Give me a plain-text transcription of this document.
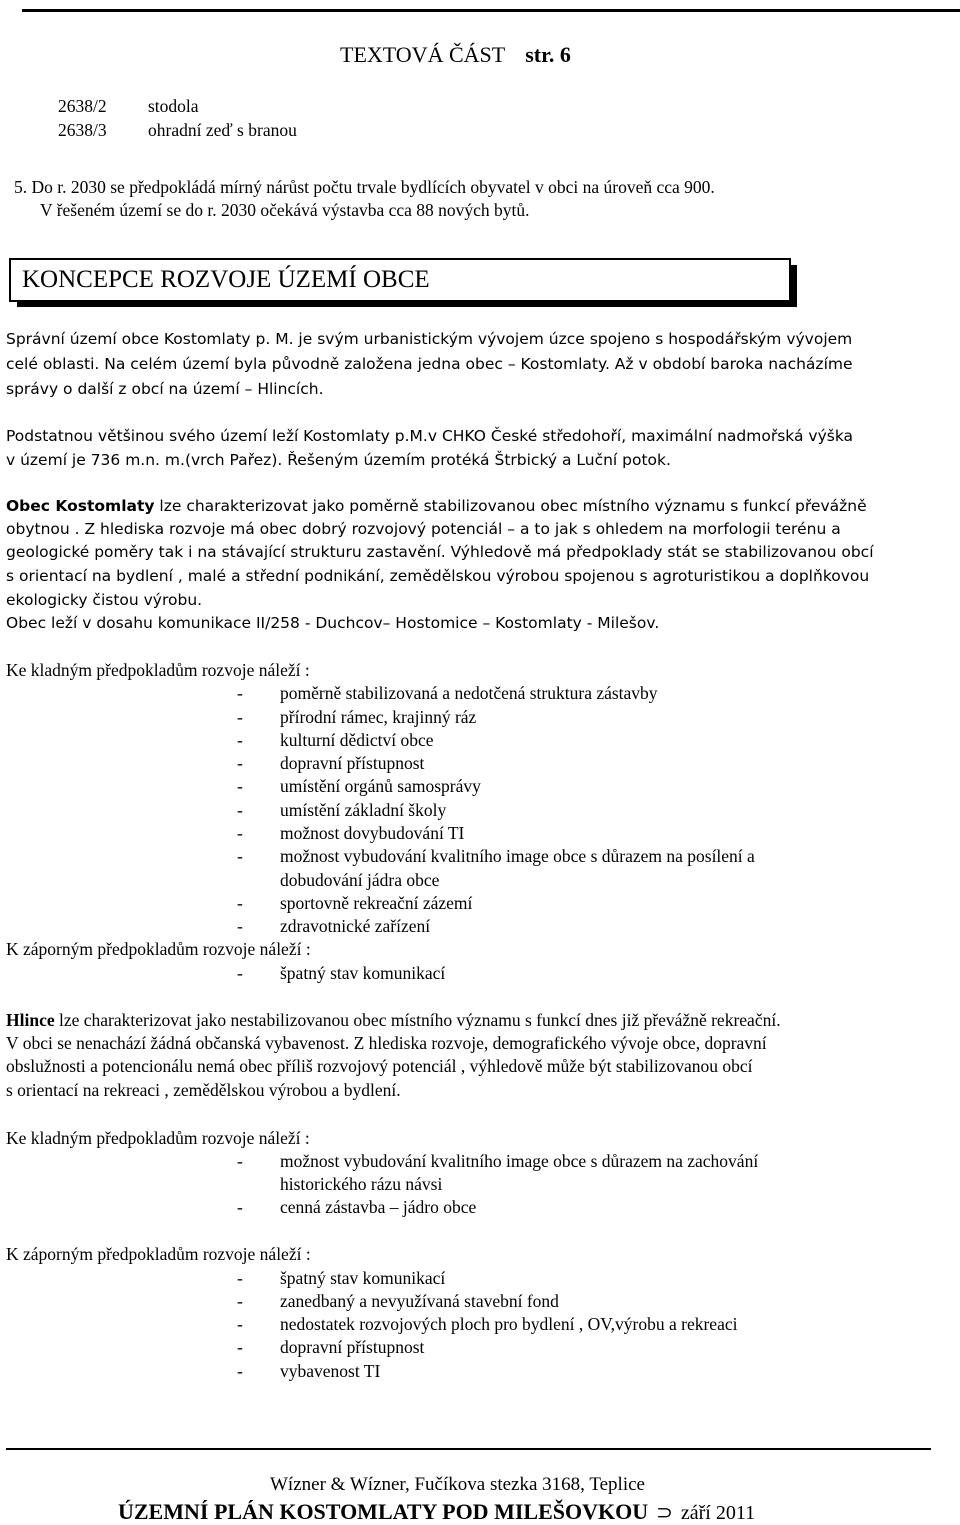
TEXTOVÁ ČÁST str. 6
2638/2 stodola
2638/3 ohradní zeď s branou
5. Do r. 2030 se předpokládá mírný nárůst počtu trvale bydlících obyvatel v obci na úroveň cca 900.
V řešeném území se do r. 2030 očekává výstavba cca 88 nových bytů.
KONCEPCE ROZVOJE ÚZEMÍ OBCE
Správní území obce Kostomlaty p. M. je svým urbanistickým vývojem úzce spojeno s hospodářským vývojem
celé oblasti. Na celém území byla původně založena jedna obec – Kostomlaty. Až v období baroka nacházíme
správy o další z obcí na území – Hlincích.
Podstatnou většinou svého území leží Kostomlaty p.M.v CHKO České středohoří, maximální nadmořská výška
v území je 736 m.n. m.(vrch Pařez). Řešeným územím protéká Štrbický a Luční potok.
Obec Kostomlaty lze charakterizovat jako poměrně stabilizovanou obec místního významu s funkcí převážně
obytnou . Z hlediska rozvoje má obec dobrý rozvojový potenciál – a to jak s ohledem na morfologii terénu a
geologické poměry tak i na stávající strukturu zastavění. Výhledově má předpoklady stát se stabilizovanou obcí
s orientací na bydlení , malé a střední podnikání, zemědělskou výrobou spojenou s agroturistikou a doplňkovou
ekologicky čistou výrobu.
Obec leží v dosahu komunikace II/258 - Duchcov– Hostomice – Kostomlaty - Milešov.
Ke kladným předpokladům rozvoje náleží :
- poměrně stabilizovaná a nedotčená struktura zástavby
- přírodní rámec, krajinný ráz
- kulturní dědictví obce
- dopravní přístupnost
- umístění orgánů samosprávy
- umístění základní školy
- možnost dovybudování TI
- možnost vybudování kvalitního image obce s důrazem na posílení a
dobudování jádra obce
- sportovně rekreační zázemí
- zdravotnické zařízení
K záporným předpokladům rozvoje náleží :
- špatný stav komunikací
Hlince lze charakterizovat jako nestabilizovanou obec místního významu s funkcí dnes již převážně rekreační.
V obci se nenachází žádná občanská vybavenost. Z hlediska rozvoje, demografického vývoje obce, dopravní
obslužnosti a potencionálu nemá obec příliš rozvojový potenciál , výhledově může být stabilizovanou obcí
s orientací na rekreaci , zemědělskou výrobou a bydlení.
Ke kladným předpokladům rozvoje náleží :
- možnost vybudování kvalitního image obce s důrazem na zachování
historického rázu návsi
- cenná zástavba – jádro obce
K záporným předpokladům rozvoje náleží :
- špatný stav komunikací
- zanedbaný a nevyužívaná stavební fond
- nedostatek rozvojových ploch pro bydlení , OV,výrobu a rekreaci
- dopravní přístupnost
- vybavenost TI
Wízner & Wízner, Fučíkova stezka 3168, Teplice
ÚZEMNÍ PLÁN KOSTOMLATY POD MILEŠOVKOU ⊃ září 2011
